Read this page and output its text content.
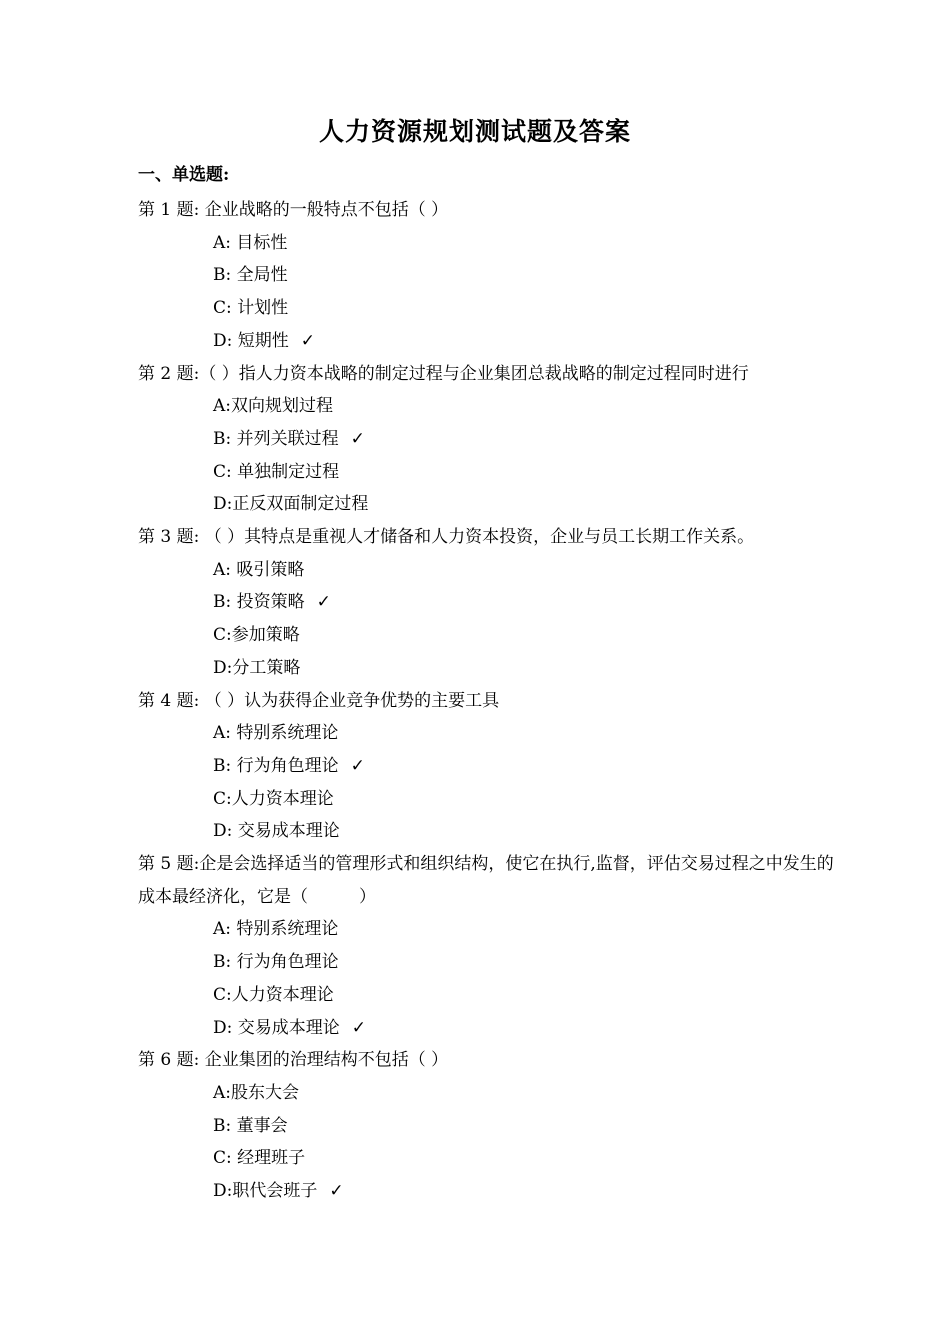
人力资源规划测试题及答案
一、单选题:
第 1 题: 企业战略的一般特点不包括（ ）
A: 目标性
B: 全局性
C: 计划性
D: 短期性 ✓
第 2 题:（ ）指人力资本战略的制定过程与企业集团总裁战略的制定过程同时进行
A:双向规划过程
B: 并列关联过程 ✓
C: 单独制定过程
D:正反双面制定过程
第 3 题: （ ）其特点是重视人才储备和人力资本投资，企业与员工长期工作关系。
A: 吸引策略
B: 投资策略 ✓
C:参加策略
D:分工策略
第 4 题: （ ）认为获得企业竞争优势的主要工具
A: 特别系统理论
B: 行为角色理论 ✓
C:人力资本理论
D: 交易成本理论
第 5 题:企是会选择适当的管理形式和组织结构，使它在执行,监督，评估交易过程之中发生的成本最经济化，它是（　　　）
A: 特别系统理论
B: 行为角色理论
C:人力资本理论
D: 交易成本理论 ✓
第 6 题: 企业集团的治理结构不包括（ ）
A:股东大会
B: 董事会
C: 经理班子
D:职代会班子 ✓
